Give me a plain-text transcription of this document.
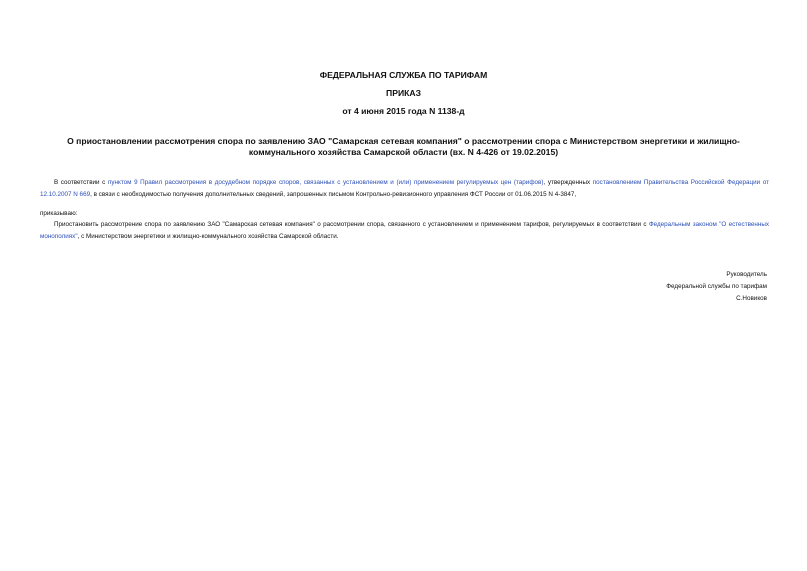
ФЕДЕРАЛЬНАЯ СЛУЖБА ПО ТАРИФАМ
ПРИКАЗ
от 4 июня 2015 года N 1138-д
О приостановлении рассмотрения спора по заявлению ЗАО "Самарская сетевая компания" о рассмотрении спора с Министерством энергетики и жилищно-коммунального хозяйства Самарской области (вх. N 4-426 от 19.02.2015)
В соответствии с пунктом 9 Правил рассмотрения в досудебном порядке споров, связанных с установлением и (или) применением регулируемых цен (тарифов), утвержденных постановлением Правительства Российской Федерации от 12.10.2007 N 669, в связи с необходимостью получения дополнительных сведений, запрошенных письмом Контрольно-ревизионного управления ФСТ России от 01.06.2015 N 4-3847,
приказываю:
Приостановить рассмотрение спора по заявлению ЗАО "Самарская сетевая компания" о рассмотрении спора, связанного с установлением и применением тарифов, регулируемых в соответствии с Федеральным законом "О естественных монополиях", с Министерством энергетики и жилищно-коммунального хозяйства Самарской области.
Руководитель
Федеральной службы по тарифам
С.Новиков
